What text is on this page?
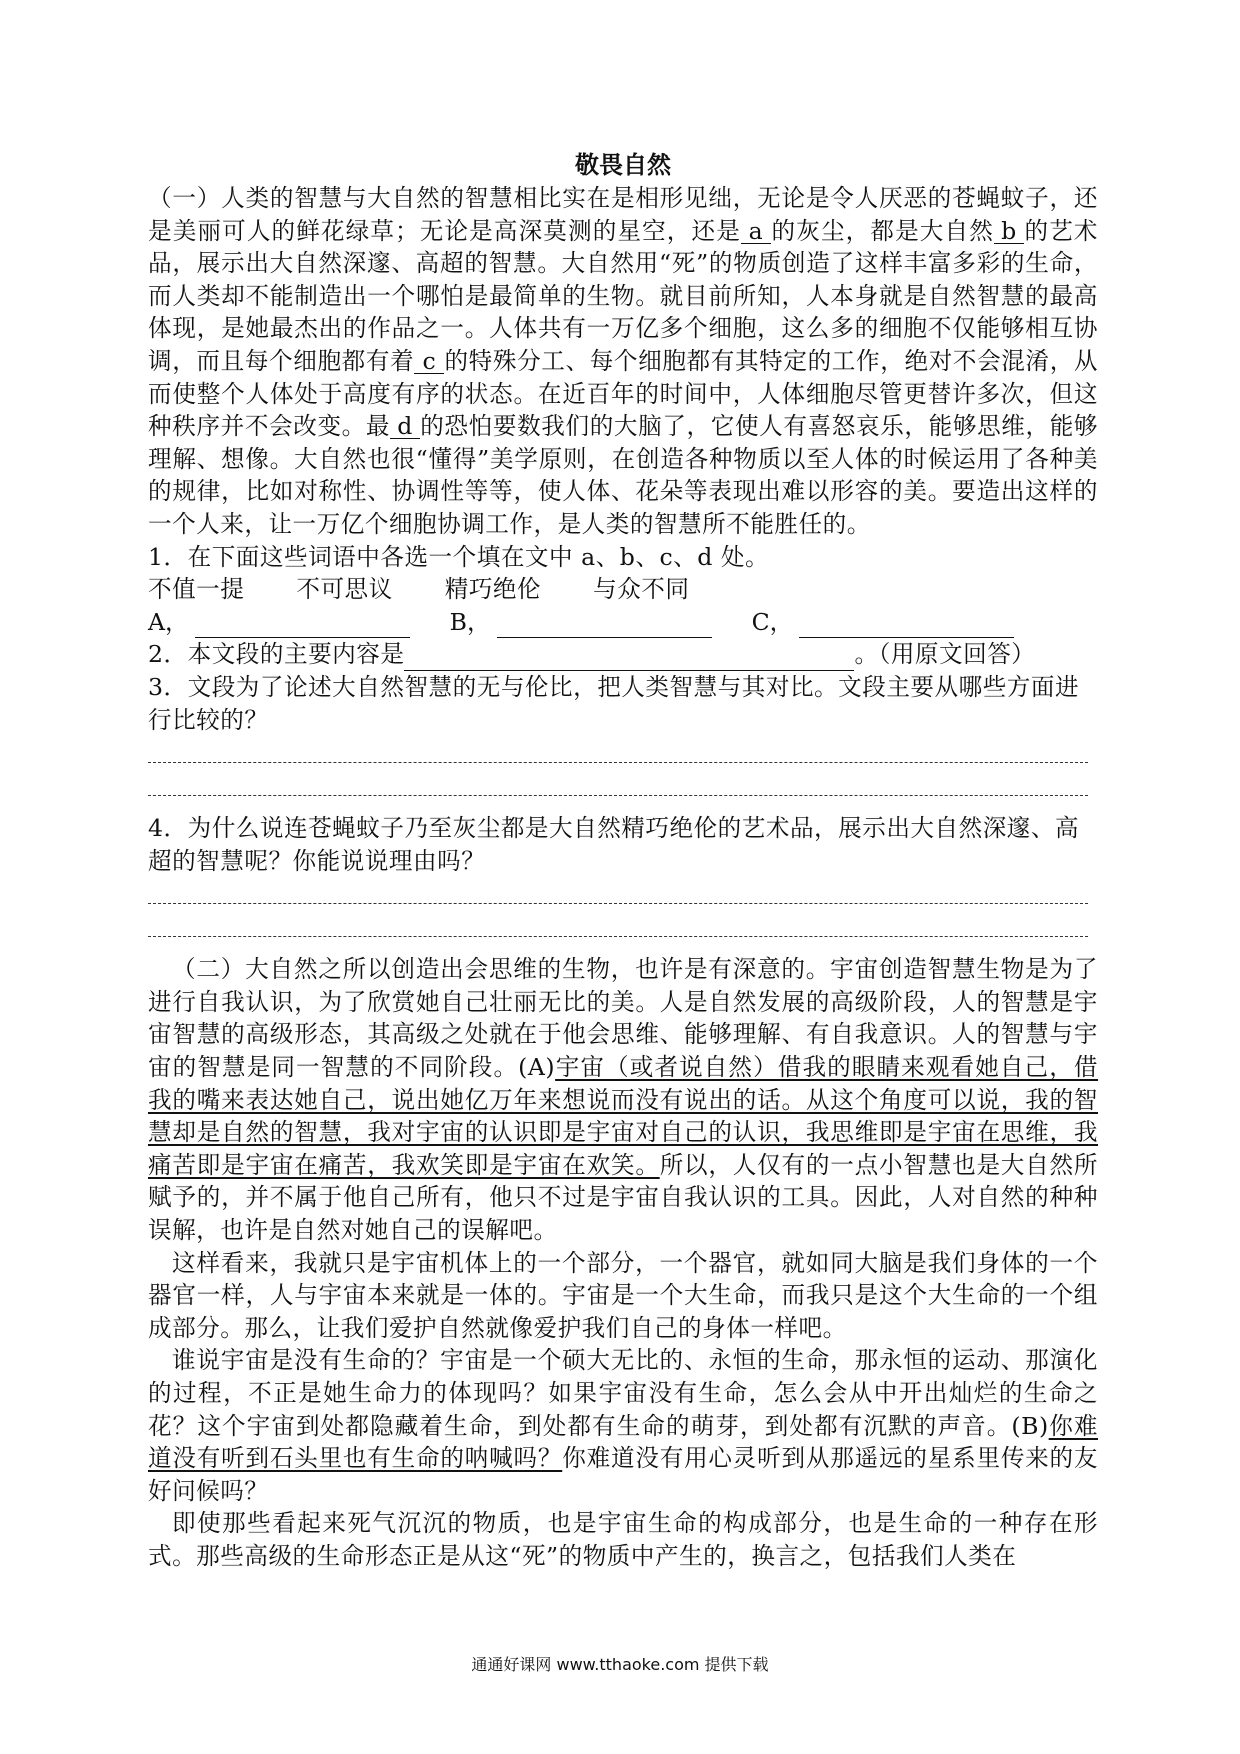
敬畏自然

（一）人类的智慧与大自然的智慧相比实在是相形见绌，无论是令人厌恶的苍蝇蚊子，还是美丽可人的鲜花绿草；无论是高深莫测的星空，还是 a 的灰尘，都是大自然 b 的艺术品，展示出大自然深邃、高超的智慧。大自然用“死”的物质创造了这样丰富多彩的生命，而人类却不能制造出一个哪怕是最简单的生物。就目前所知，人本身就是自然智慧的最高体现，是她最杰出的作品之一。人体共有一万亿多个细胞，这么多的细胞不仅能够相互协调，而且每个细胞都有着 c 的特殊分工、每个细胞都有其特定的工作，绝对不会混淆，从而使整个人体处于高度有序的状态。在近百年的时间中，人体细胞尽管更替许多次，但这种秩序并不会改变。最 d 的恐怕要数我们的大脑了，它使人有喜怒哀乐，能够思维，能够理解、想像。大自然也很“懂得”美学原则，在创造各种物质以至人体的时候运用了各种美的规律，比如对称性、协调性等等，使人体、花朵等表现出难以形容的美。要造出这样的一个人来，让一万亿个细胞协调工作，是人类的智慧所不能胜任的。

1．在下面这些词语中各选一个填在文中 a、b、c、d 处。

不值一提 不可思议 精巧绝伦 与众不同
A，	B，	C，
2．本文段的主要内容是	。（用原文回答）

3．文段为了论述大自然智慧的无与伦比，把人类智慧与其对比。文段主要从哪些方面进行比较的？

4．为什么说连苍蝇蚊子乃至灰尘都是大自然精巧绝伦的艺术品，展示出大自然深邃、高超的智慧呢？你能说说理由吗？

（二）大自然之所以创造出会思维的生物，也许是有深意的。宇宙创造智慧生物是为了进行自我认识，为了欣赏她自己壮丽无比的美。人是自然发展的高级阶段，人的智慧是宇宙智慧的高级形态，其高级之处就在于他会思维、能够理解、有自我意识。人的智慧与宇宙的智慧是同一智慧的不同阶段。(A)宇宙（或者说自然）借我的眼睛来观看她自己，借我的嘴来表达她自己，说出她亿万年来想说而没有说出的话。从这个角度可以说，我的智慧却是自然的智慧，我对宇宙的认识即是宇宙对自己的认识，我思维即是宇宙在思维，我痛苦即是宇宙在痛苦，我欢笑即是宇宙在欢笑。所以，人仅有的一点小智慧也是大自然所赋予的，并不属于他自己所有，他只不过是宇宙自我认识的工具。因此，人对自然的种种误解，也许是自然对她自己的误解吧。

这样看来，我就只是宇宙机体上的一个部分，一个器官，就如同大脑是我们身体的一个器官一样，人与宇宙本来就是一体的。宇宙是一个大生命，而我只是这个大生命的一个组成部分。那么，让我们爱护自然就像爱护我们自己的身体一样吧。

谁说宇宙是没有生命的？宇宙是一个硕大无比的、永恒的生命，那永恒的运动、那演化的过程，不正是她生命力的体现吗？如果宇宙没有生命，怎么会从中开出灿烂的生命之花？这个宇宙到处都隐藏着生命，到处都有生命的萌芽，到处都有沉默的声音。(B)你难道没有听到石头里也有生命的呐喊吗？你难道没有用心灵听到从那遥远的星系里传来的友好问候吗？

即使那些看起来死气沉沉的物质，也是宇宙生命的构成部分，也是生命的一种存在形式。那些高级的生命形态正是从这“死”的物质中产生的，换言之，包括我们人类在

通通好课网 www.tthaoke.com 提供下载
